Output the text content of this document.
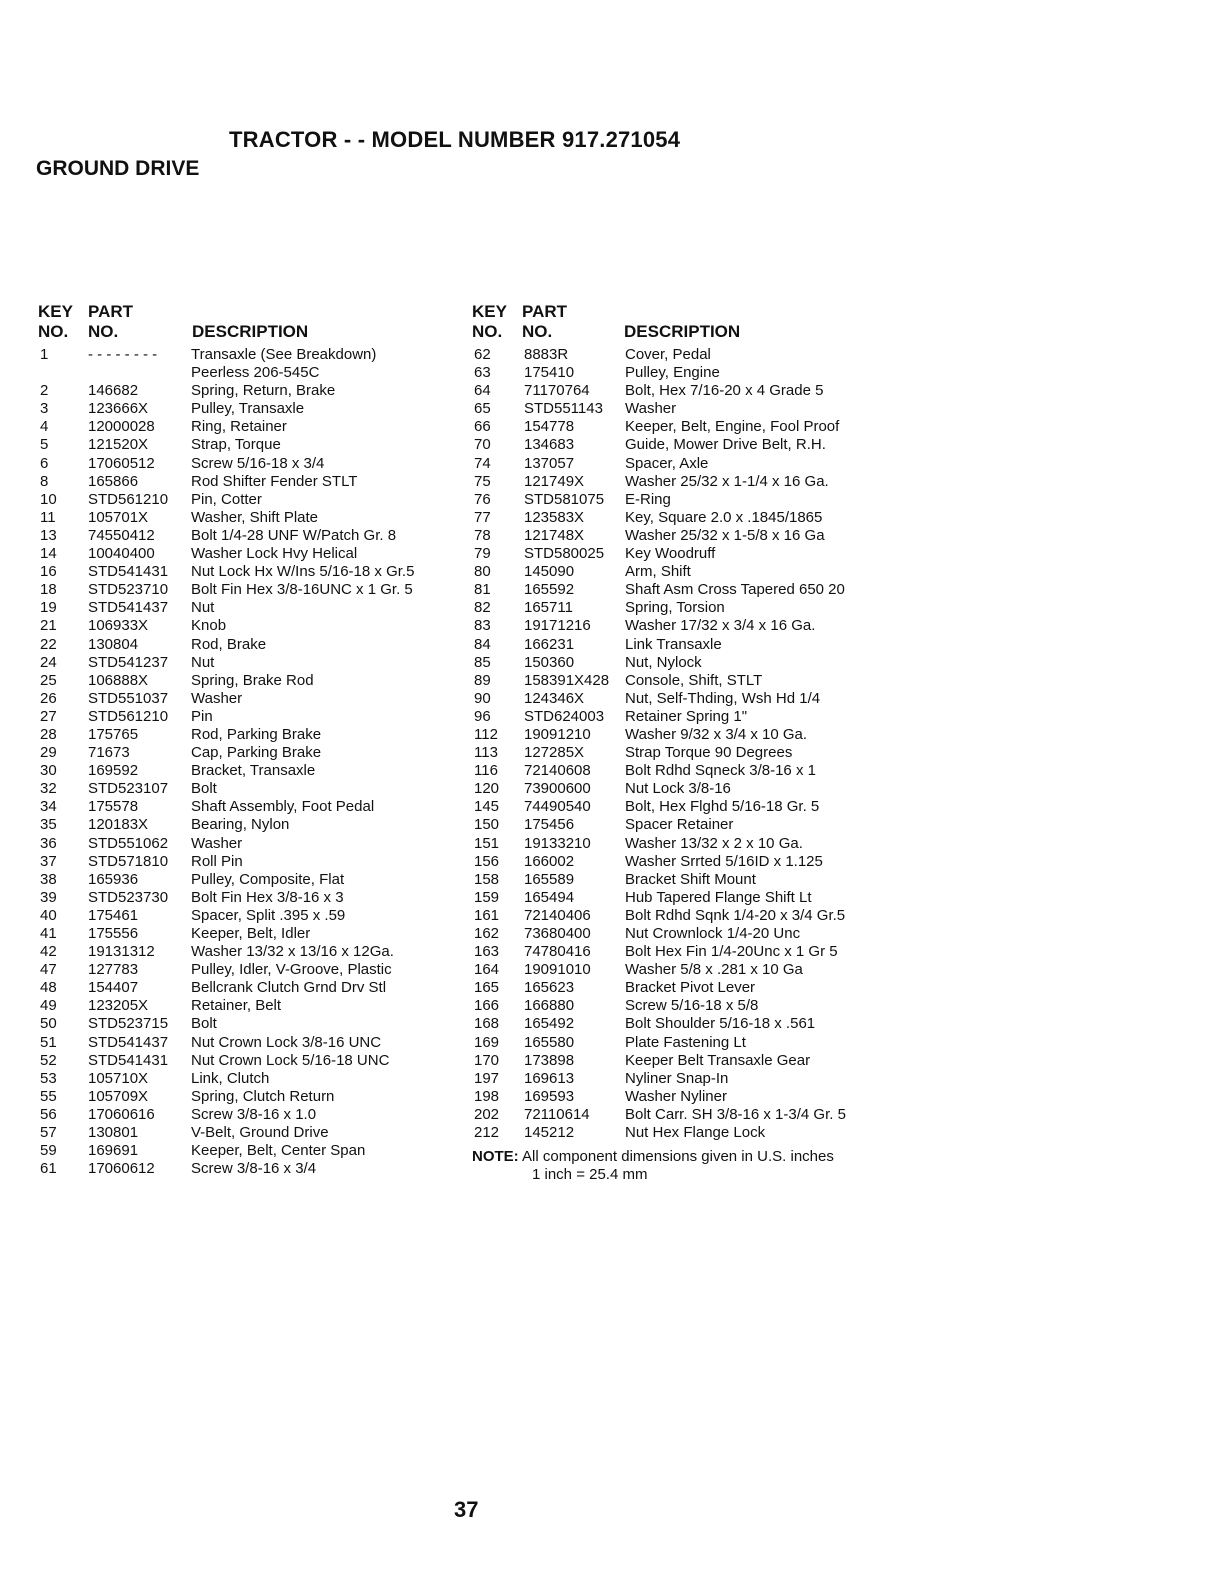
TRACTOR - - MODEL NUMBER 917.271054
GROUND DRIVE
KEY
NO.
PART
NO.	DESCRIPTION
1	- - - - - - - - Transaxle (See Breakdown)
Peerless 206-545C
2	146682	Spring, Return, Brake
3	123666X	Pulley, Transaxle
4	12000028 Ring, Retainer
5	121520X	Strap, Torque
6	17060512 Screw 5/16-18 x 3/4
8	165866	Rod Shifter Fender STLT
10 STD561210 Pin, Cotter
11 105701X	Washer, Shift Plate
13 74550412 Bolt 1/4-28 UNF W/Patch Gr. 8
14 10040400 Washer Lock Hvy Helical
16 STD541431 Nut Lock Hx W/Ins 5/16-18 x Gr.5
18 STD523710 Bolt Fin Hex 3/8-16UNC x 1 Gr. 5
19 STD541437 Nut
21 106933X	Knob
22 130804	Rod, Brake
24 STD541237 Nut
25 106888X	Spring, Brake Rod
26 STD551037 Washer
27 STD561210 Pin
28 175765	Rod, Parking Brake
29 71673	Cap, Parking Brake
30 169592	Bracket, Transaxle
32 STD523107 Bolt
34 175578	Shaft Assembly, Foot Pedal
35 120183X	Bearing, Nylon
36 STD551062 Washer
37 STD571810 Roll Pin
38 165936	Pulley, Composite, Flat
39 STD523730 Bolt Fin Hex 3/8-16 x 3
40 175461	Spacer, Split .395 x .59
41 175556	Keeper, Belt, Idler
42 19131312 Washer 13/32 x 13/16 x 12Ga.
47 127783	Pulley, Idler, V-Groove, Plastic
48 154407	Bellcrank Clutch Grnd Drv Stl
49 123205X	Retainer, Belt
50 STD523715 Bolt
51 STD541437 Nut Crown Lock 3/8-16 UNC
52 STD541431 Nut Crown Lock 5/16-18 UNC
53 105710X	Link, Clutch
55 105709X	Spring, Clutch Return
56 17060616 Screw 3/8-16 x 1.0
57 130801	V-Belt, Ground Drive
59 169691	Keeper, Belt, Center Span
61 17060612 Screw 3/8-16 x 3/4
KEY
NO.
PART
NO.	DESCRIPTION
62 8883R	Cover, Pedal
63 175410	Pulley, Engine
64 71170764 Bolt, Hex 7/16-20 x 4 Grade 5
65 STD551143 Washer
66 154778	Keeper, Belt, Engine, Fool Proof
70 134683	Guide, Mower Drive Belt, R.H.
74 137057	Spacer, Axle
75 121749X	Washer 25/32 x 1-1/4 x 16 Ga.
76 STD581075 E-Ring
77 123583X	Key, Square 2.0 x .1845/1865
78 121748X	Washer 25/32 x 1-5/8 x 16 Ga
79 STD580025 Key Woodruff
80 145090	Arm, Shift
81 165592	Shaft Asm Cross Tapered 650 20
82 165711	Spring, Torsion
83 19171216 Washer 17/32 x 3/4 x 16 Ga.
84 166231	Link Transaxle
85 150360	Nut, Nylock
89 158391X428 Console, Shift, STLT
90 124346X	Nut, Self-Thding, Wsh Hd 1/4
96 STD624003 Retainer Spring 1"
112 19091210 Washer 9/32 x 3/4 x 10 Ga.
113 127285X	Strap Torque 90 Degrees
116 72140608 Bolt Rdhd Sqneck 3/8-16 x 1
120 73900600 Nut Lock 3/8-16
145 74490540 Bolt, Hex Flghd 5/16-18 Gr. 5
150 175456	Spacer Retainer
151 19133210 Washer 13/32 x 2 x 10 Ga.
156 166002	Washer Srrted 5/16ID x 1.125
158 165589	Bracket Shift Mount
159 165494	Hub Tapered Flange Shift Lt
161 72140406 Bolt Rdhd Sqnk 1/4-20 x 3/4 Gr.5
162 73680400 Nut Crownlock 1/4-20 Unc
163 74780416 Bolt Hex Fin 1/4-20Unc x 1 Gr 5
164 19091010 Washer 5/8 x .281 x 10 Ga
165 165623	Bracket Pivot Lever
166 166880	Screw 5/16-18 x 5/8
168 165492	Bolt Shoulder 5/16-18 x .561
169 165580	Plate Fastening Lt
170 173898	Keeper Belt Transaxle Gear
197 169613	Nyliner Snap-In
198 169593	Washer Nyliner
202 72110614 Bolt Carr. SH 3/8-16 x 1-3/4 Gr. 5
212 145212	Nut Hex Flange Lock
NOTE: All component dimensions given in U.S. inches
1 inch = 25.4 mm
37
